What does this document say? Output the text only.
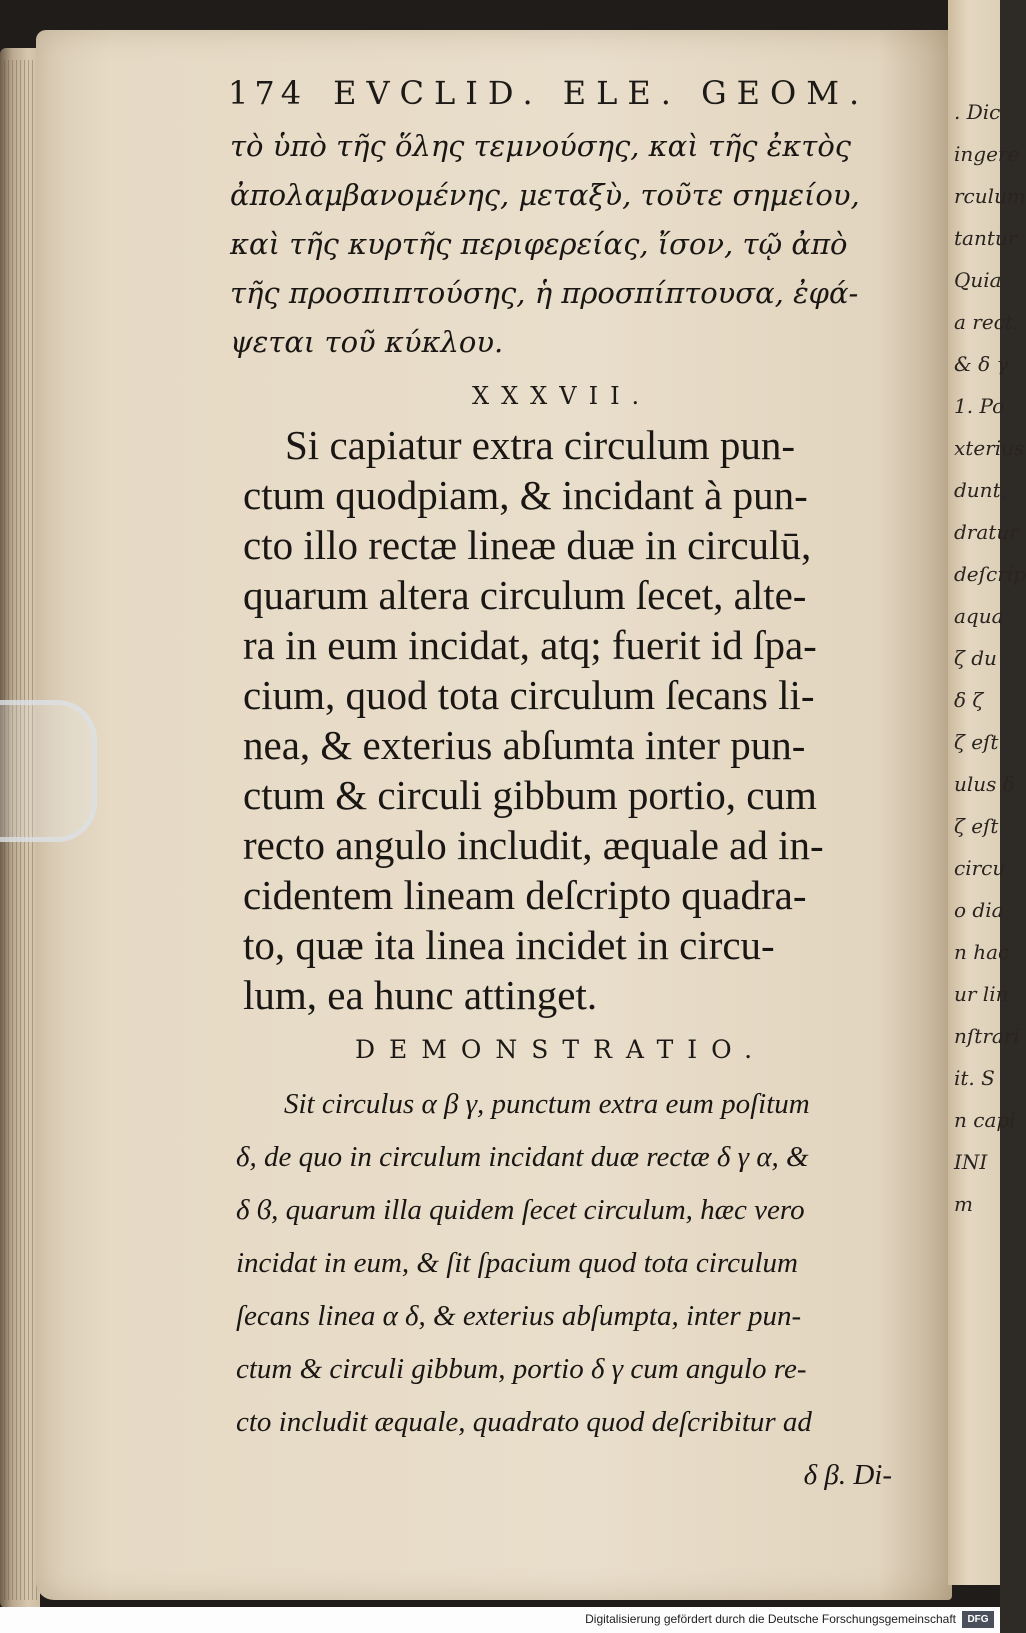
. Dic
ingere
rculum
tantur
Quia
a rect.
& δ γ
1. Po
xterius
dunt,
dratur
deſcrip
aqua
ζ du
δ ζ
ζ eſt
ulus δ
ζ eſt
circu
o dia
n hac
ur lin
nſtrari
it. S
n capi
INI
m
174 EVCLID. ELE. GEOM.
τὸ ὑπὸ τῆς ὅλης τεμνούσης, καὶ τῆς ἐκτὸς
ἀπολαμβανομένης, μεταξὺ, τοῦτε σημείου,
καὶ τῆς κυρτῆς περιφερείας, ἴσον, τῷ ἀπὸ
τῆς προσπιπτούσης, ἡ προσπίπτουσα, ἐφά-
ψεται τοῦ κύκλου.
XXXVII.
Si capiatur extra circulum pun-
ctum quodpiam, & incidant à pun-
cto illo rectæ lineæ duæ in circulū,
quarum altera circulum ſecet, alte-
ra in eum incidat, atq; fuerit id ſpa-
cium, quod tota circulum ſecans li-
nea, & exterius abſumta inter pun-
ctum & circuli gibbum portio, cum
recto angulo includit, æquale ad in-
cidentem lineam deſcripto quadra-
to, quæ ita linea incidet in circu-
lum, ea hunc attinget.
DEMONSTRATIO.
Sit circulus α β γ, punctum extra eum poſitum
δ, de quo in circulum incidant duæ rectæ δ γ α, &
δ ϐ, quarum illa quidem ſecet circulum, hæc vero
incidat in eum, & ſit ſpacium quod tota circulum
ſecans linea α δ, & exterius abſumpta, inter pun-
ctum & circuli gibbum, portio δ γ cum angulo re-
cto includit æquale, quadrato quod deſcribitur ad
δ β. Di-
Digitalisierung gefördert durch die Deutsche Forschungsgemeinschaft	DFG
